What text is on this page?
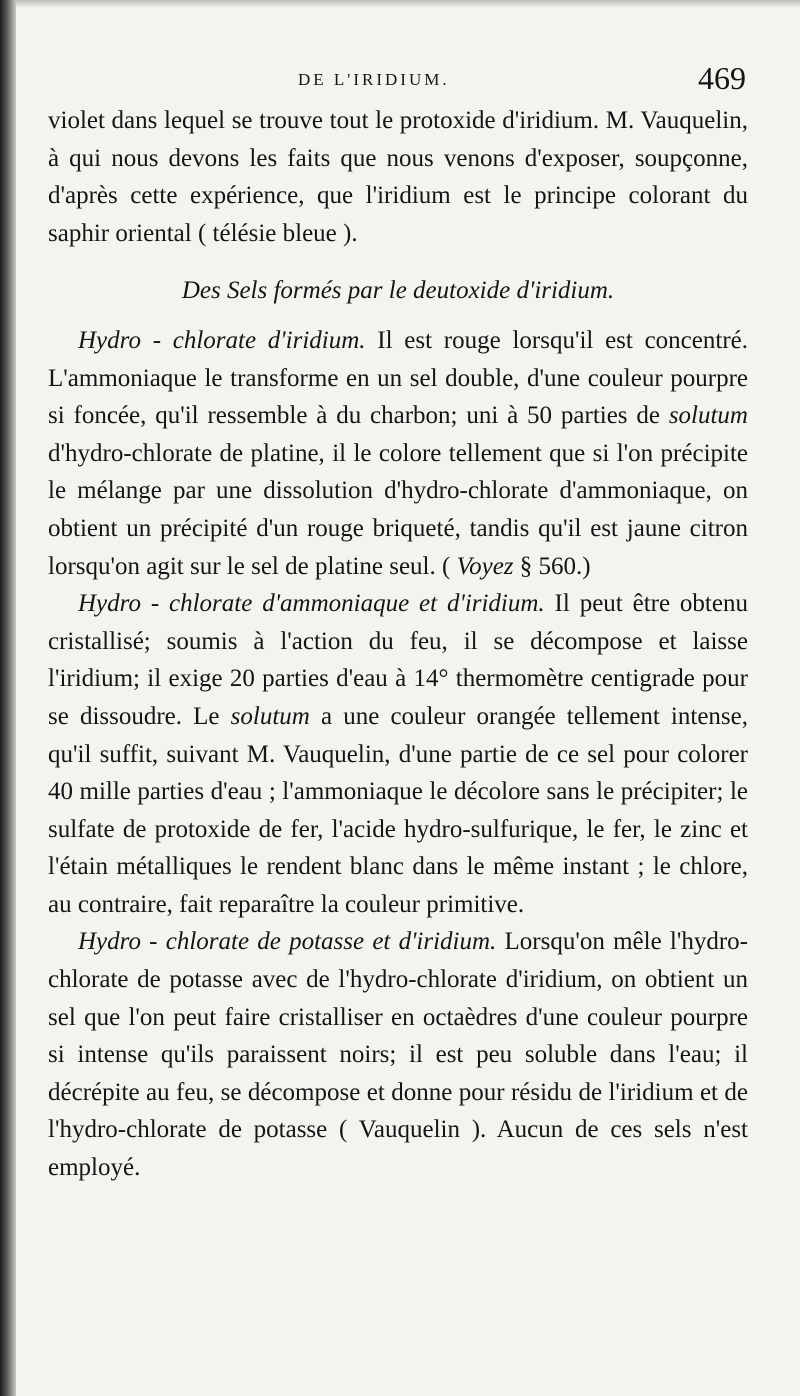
DE L'IRIDIUM.	469

violet dans lequel se trouve tout le protoxide d'iridium. M. Vauquelin, à qui nous devons les faits que nous venons d'exposer, soupçonne, d'après cette expérience, que l'iridium est le principe colorant du saphir oriental ( télésie bleue ).

Des Sels formés par le deutoxide d'iridium.

Hydro - chlorate d'iridium. Il est rouge lorsqu'il est concentré. L'ammoniaque le transforme en un sel double, d'une couleur pourpre si foncée, qu'il ressemble à du charbon; uni à 50 parties de solutum d'hydro-chlorate de platine, il le colore tellement que si l'on précipite le mélange par une dissolution d'hydro-chlorate d'ammoniaque, on obtient un précipité d'un rouge briqueté, tandis qu'il est jaune citron lorsqu'on agit sur le sel de platine seul. ( Voyez § 560.)

Hydro - chlorate d'ammoniaque et d'iridium. Il peut être obtenu cristallisé; soumis à l'action du feu, il se décompose et laisse l'iridium; il exige 20 parties d'eau à 14° thermomètre centigrade pour se dissoudre. Le solutum a une couleur orangée tellement intense, qu'il suffit, suivant M. Vauquelin, d'une partie de ce sel pour colorer 40 mille parties d'eau ; l'ammoniaque le décolore sans le précipiter; le sulfate de protoxide de fer, l'acide hydro-sulfurique, le fer, le zinc et l'étain métalliques le rendent blanc dans le même instant ; le chlore, au contraire, fait reparaître la couleur primitive.

Hydro - chlorate de potasse et d'iridium. Lorsqu'on mêle l'hydro-chlorate de potasse avec de l'hydro-chlorate d'iridium, on obtient un sel que l'on peut faire cristalliser en octaèdres d'une couleur pourpre si intense qu'ils paraissent noirs; il est peu soluble dans l'eau; il décrépite au feu, se décompose et donne pour résidu de l'iridium et de l'hydro-chlorate de potasse ( Vauquelin ). Aucun de ces sels n'est employé.
